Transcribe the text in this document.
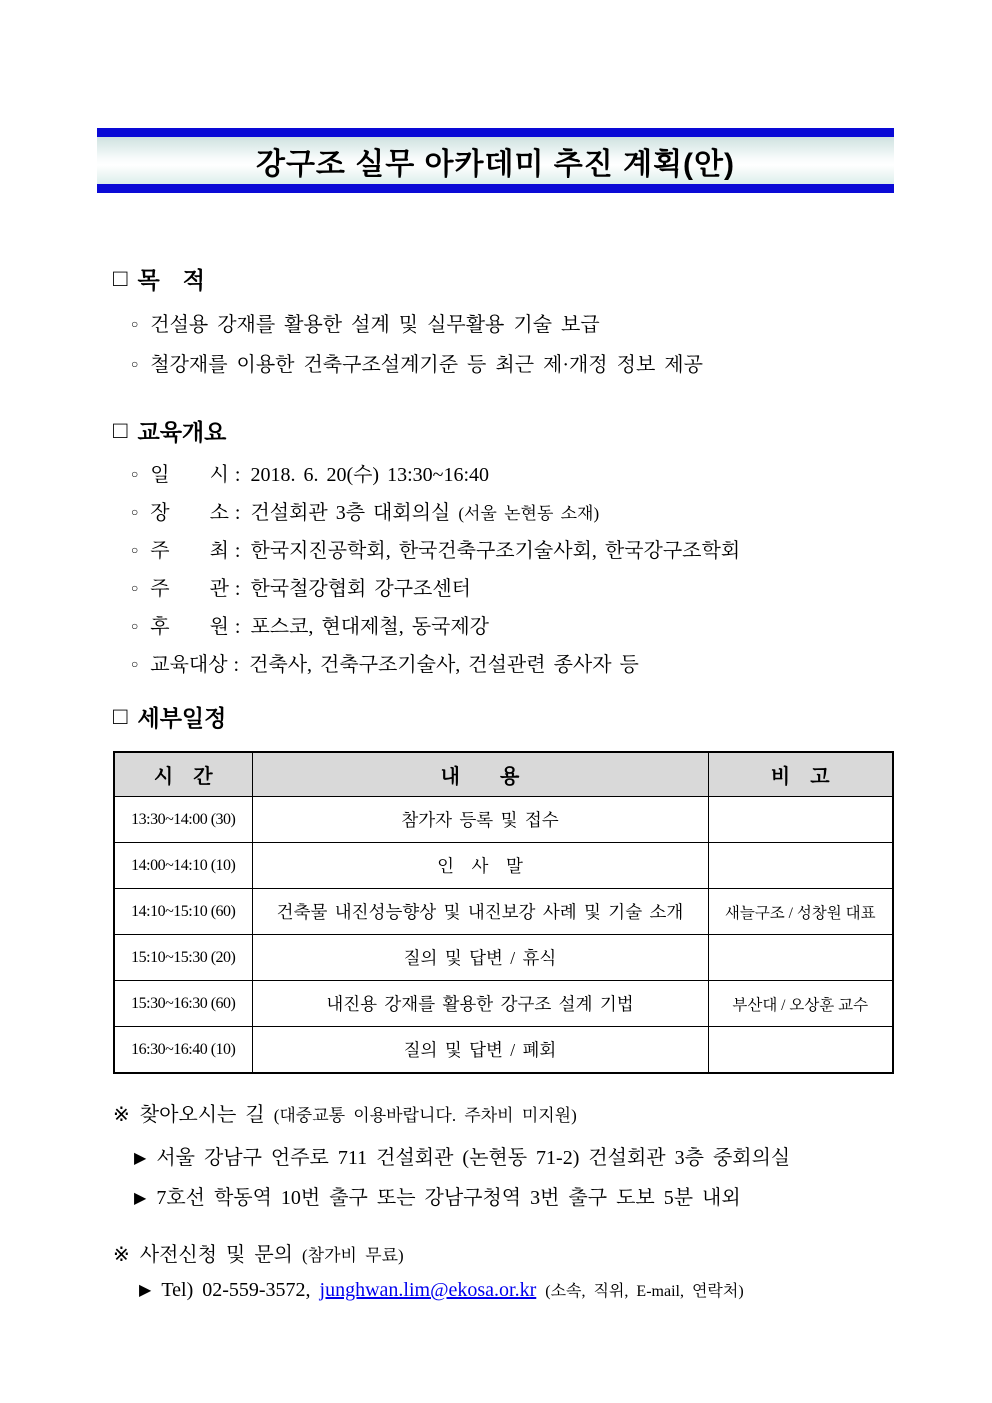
강구조 실무 아카데미 추진 계획(안)
□ 목　적
○ 건설용 강재를 활용한 설계 및 실무활용 기술 보급
○ 철강재를 이용한 건축구조설계기준 등 최근 제·개정 정보 제공
□ 교육개요
○ 일　　시 : 2018. 6. 20(수) 13:30~16:40
○ 장　　소 : 건설회관 3층 대회의실 (서울 논현동 소재)
○ 주　　최 : 한국지진공학회, 한국건축구조기술사회, 한국강구조학회
○ 주　　관 : 한국철강협회 강구조센터
○ 후　　원 : 포스코, 현대제철, 동국제강
○ 교육대상 : 건축사, 건축구조기술사, 건설관련 종사자 등
□ 세부일정
시　간	내　　용	비　고
13:30~14:00 (30)	참가자 등록 및 접수	
14:00~14:10 (10)	인　사　말	
14:10~15:10 (60)	건축물 내진성능향상 및 내진보강 사례 및 기술 소개	새늘구조 / 성창원 대표
15:10~15:30 (20)	질의 및 답변 / 휴식	
15:30~16:30 (60)	내진용 강재를 활용한 강구조 설계 기법	부산대 / 오상훈 교수
16:30~16:40 (10)	질의 및 답변 / 폐회	
※ 찾아오시는 길 (대중교통 이용바랍니다. 주차비 미지원)
▶ 서울 강남구 언주로 711 건설회관 (논현동 71-2) 건설회관 3층 중회의실
▶ 7호선 학동역 10번 출구 또는 강남구청역 3번 출구 도보 5분 내외
※ 사전신청 및 문의 (참가비 무료)
▶ Tel) 02-559-3572, junghwan.lim@ekosa.or.kr (소속, 직위, E-mail, 연락처)
